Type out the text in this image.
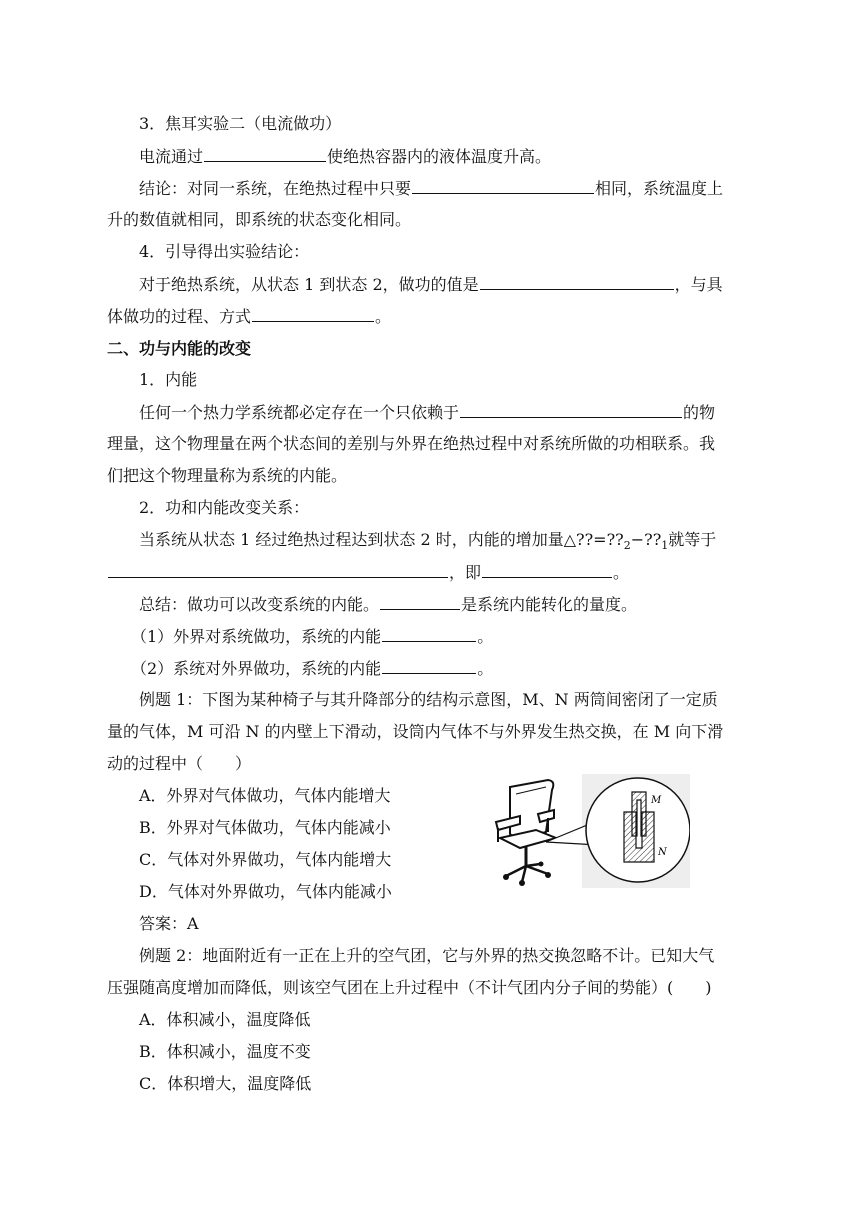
3．焦耳实验二（电流做功）
电流通过	使绝热容器内的液体温度升高。
结论：对同一系统，在绝热过程中只要	相同，系统温度上
升的数值就相同，即系统的状态变化相同。
4．引导得出实验结论：
对于绝热系统，从状态 1 到状态 2，做功的值是	，与具
体做功的过程、方式	。
二、功与内能的改变
1．内能
任何一个热力学系统都必定存在一个只依赖于	的物
理量，这个物理量在两个状态间的差别与外界在绝热过程中对系统所做的功相联系。我
们把这个物理量称为系统的内能。
2．功和内能改变关系：
当系统从状态 1 经过绝热过程达到状态 2 时，内能的增加量$\triangle??=??_2-??_1$就等于
，即	。
总结：做功可以改变系统的内能。	是系统内能转化的量度。
（1）外界对系统做功，系统的内能	。
（2）系统对外界做功，系统的内能	。
例题 1：下图为某种椅子与其升降部分的结构示意图，M、N 两筒间密闭了一定质
量的气体，M 可沿 N 的内壁上下滑动，设筒内气体不与外界发生热交换，在 M 向下滑
动的过程中（　　）
A．外界对气体做功，气体内能增大
B．外界对气体做功，气体内能减小
C．气体对外界做功，气体内能增大
D．气体对外界做功，气体内能减小
答案：A
M
N
例题 2：地面附近有一正在上升的空气团，它与外界的热交换忽略不计。已知大气
压强随高度增加而降低，则该空气团在上升过程中（不计气团内分子间的势能）(　　)
A．体积减小，温度降低
B．体积减小，温度不变
C．体积增大，温度降低
